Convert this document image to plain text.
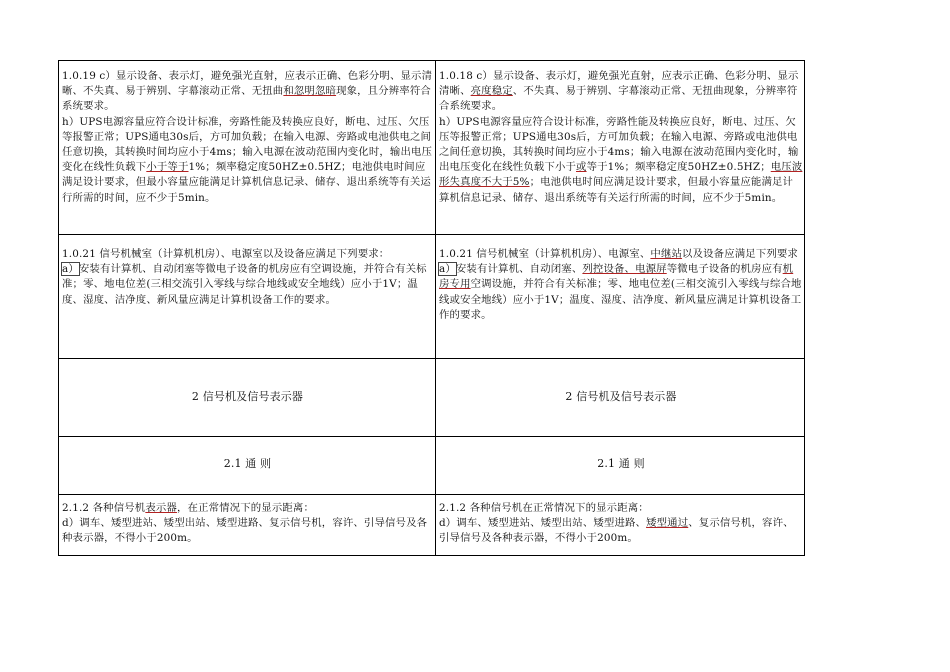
1.0.19 c）显示设备、表示灯，避免强光直射，应表示正确、色彩分明、显示清晰、不失真、易于辨别、字幕滚动正常、无扭曲和忽明忽暗现象，且分辨率符合系统要求。
h）UPS电源容量应符合设计标准，旁路性能及转换应良好，断电、过压、欠压等报警正常；UPS通电30s后，方可加负载；在输入电源、旁路或电池供电之间任意切换，其转换时间均应小于4ms；输入电源在波动范围内变化时，输出电压变化在线性负载下小于等于1%；频率稳定度50HZ±0.5HZ；电池供电时间应满足设计要求，但最小容量应能满足计算机信息记录、储存、退出系统等有关运行所需的时间，应不少于5min。
1.0.18 c）显示设备、表示灯，避免强光直射，应表示正确、色彩分明、显示清晰、亮度稳定、不失真、易于辨别、字幕滚动正常、无扭曲现象，分辨率符合系统要求。
h）UPS电源容量应符合设计标准，旁路性能及转换应良好，断电、过压、欠压等报警正常；UPS通电30s后，方可加负载；在输入电源、旁路或电池供电之间任意切换，其转换时间均应小于4ms；输入电源在波动范围内变化时，输出电压变化在线性负载下小于或等于1%；频率稳定度50HZ±0.5HZ；电压波形失真度不大于5%；电池供电时间应满足设计要求，但最小容量应能满足计算机信息记录、储存、退出系统等有关运行所需的时间，应不少于5min。
1.0.21 信号机械室（计算机机房）、电源室以及设备应满足下列要求：
a）安装有计算机、自动闭塞等微电子设备的机房应有空调设施，并符合有关标准；零、地电位差(三相交流引入零线与综合地线或安全地线）应小于1V；温度、湿度、洁净度、新风量应满足计算机设备工作的要求。
1.0.21 信号机械室（计算机机房）、电源室、中继站以及设备应满足下列要求
a）安装有计算机、自动闭塞、列控设备、电源屏等微电子设备的机房应有机房专用空调设施，并符合有关标准；零、地电位差(三相交流引入零线与综合地线或安全地线）应小于1V；温度、湿度、洁净度、新风量应满足计算机设备工作的要求。
2 信号机及信号表示器	2 信号机及信号表示器
2.1 通 则	2.1 通 则
2.1.2 各种信号机表示器，在正常情况下的显示距离：
d）调车、矮型进站、矮型出站、矮型进路、复示信号机，容许、引导信号及各种表示器，不得小于200m。
2.1.2 各种信号机在正常情况下的显示距离：
d）调车、矮型进站、矮型出站、矮型进路、矮型通过、复示信号机，容许、引导信号及各种表示器，不得小于200m。
